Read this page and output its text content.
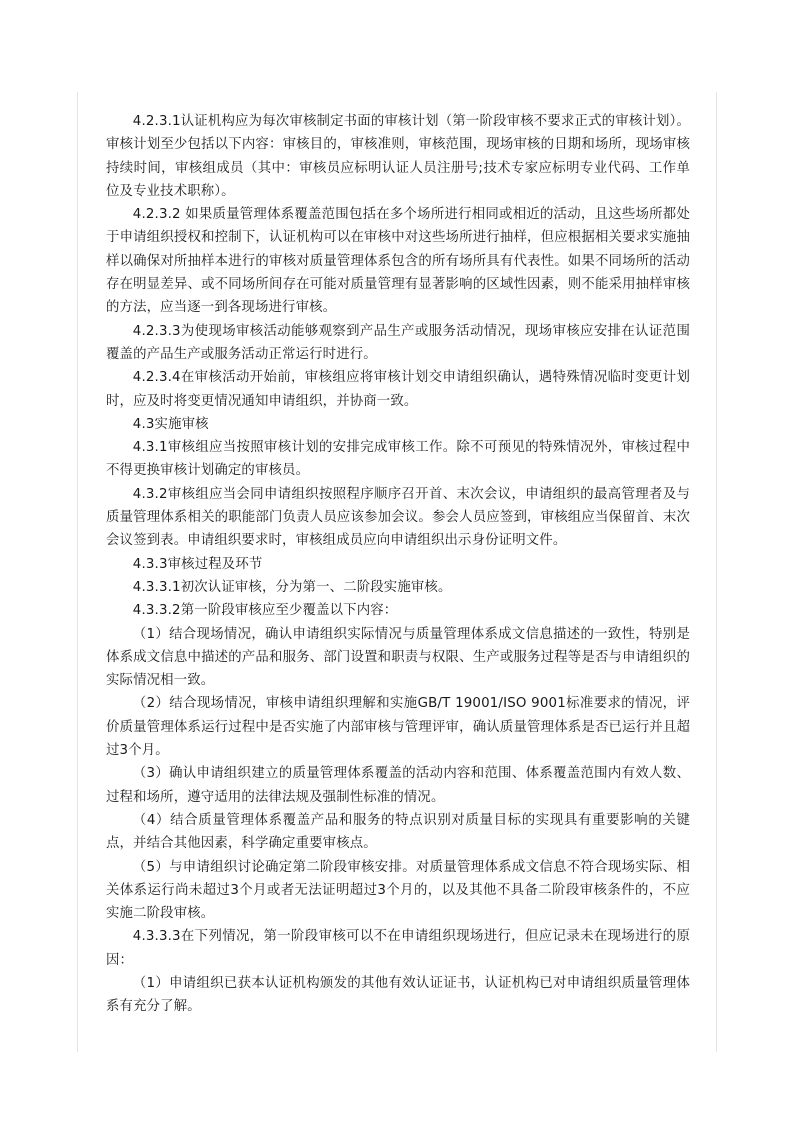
4.2.3.1认证机构应为每次审核制定书面的审核计划（第一阶段审核不要求正式的审核计划）。审核计划至少包括以下内容：审核目的，审核准则，审核范围，现场审核的日期和场所，现场审核持续时间，审核组成员（其中：审核员应标明认证人员注册号;技术专家应标明专业代码、工作单位及专业技术职称）。

4.2.3.2 如果质量管理体系覆盖范围包括在多个场所进行相同或相近的活动，且这些场所都处于申请组织授权和控制下，认证机构可以在审核中对这些场所进行抽样，但应根据相关要求实施抽样以确保对所抽样本进行的审核对质量管理体系包含的所有场所具有代表性。如果不同场所的活动存在明显差异、或不同场所间存在可能对质量管理有显著影响的区域性因素，则不能采用抽样审核的方法，应当逐一到各现场进行审核。

4.2.3.3为使现场审核活动能够观察到产品生产或服务活动情况，现场审核应安排在认证范围覆盖的产品生产或服务活动正常运行时进行。

4.2.3.4在审核活动开始前，审核组应将审核计划交申请组织确认，遇特殊情况临时变更计划时，应及时将变更情况通知申请组织，并协商一致。

4.3实施审核

4.3.1审核组应当按照审核计划的安排完成审核工作。除不可预见的特殊情况外，审核过程中不得更换审核计划确定的审核员。

4.3.2审核组应当会同申请组织按照程序顺序召开首、末次会议，申请组织的最高管理者及与质量管理体系相关的职能部门负责人员应该参加会议。参会人员应签到，审核组应当保留首、末次会议签到表。申请组织要求时，审核组成员应向申请组织出示身份证明文件。

4.3.3审核过程及环节

4.3.3.1初次认证审核，分为第一、二阶段实施审核。

4.3.3.2第一阶段审核应至少覆盖以下内容：

（1）结合现场情况，确认申请组织实际情况与质量管理体系成文信息描述的一致性，特别是体系成文信息中描述的产品和服务、部门设置和职责与权限、生产或服务过程等是否与申请组织的实际情况相一致。

（2）结合现场情况，审核申请组织理解和实施GB/T 19001/ISO 9001标准要求的情况，评价质量管理体系运行过程中是否实施了内部审核与管理评审，确认质量管理体系是否已运行并且超过3个月。

（3）确认申请组织建立的质量管理体系覆盖的活动内容和范围、体系覆盖范围内有效人数、过程和场所，遵守适用的法律法规及强制性标准的情况。

（4）结合质量管理体系覆盖产品和服务的特点识别对质量目标的实现具有重要影响的关键点，并结合其他因素，科学确定重要审核点。

（5）与申请组织讨论确定第二阶段审核安排。对质量管理体系成文信息不符合现场实际、相关体系运行尚未超过3个月或者无法证明超过3个月的，以及其他不具备二阶段审核条件的，不应实施二阶段审核。

4.3.3.3在下列情况，第一阶段审核可以不在申请组织现场进行，但应记录未在现场进行的原因：

（1）申请组织已获本认证机构颁发的其他有效认证证书，认证机构已对申请组织质量管理体系有充分了解。
